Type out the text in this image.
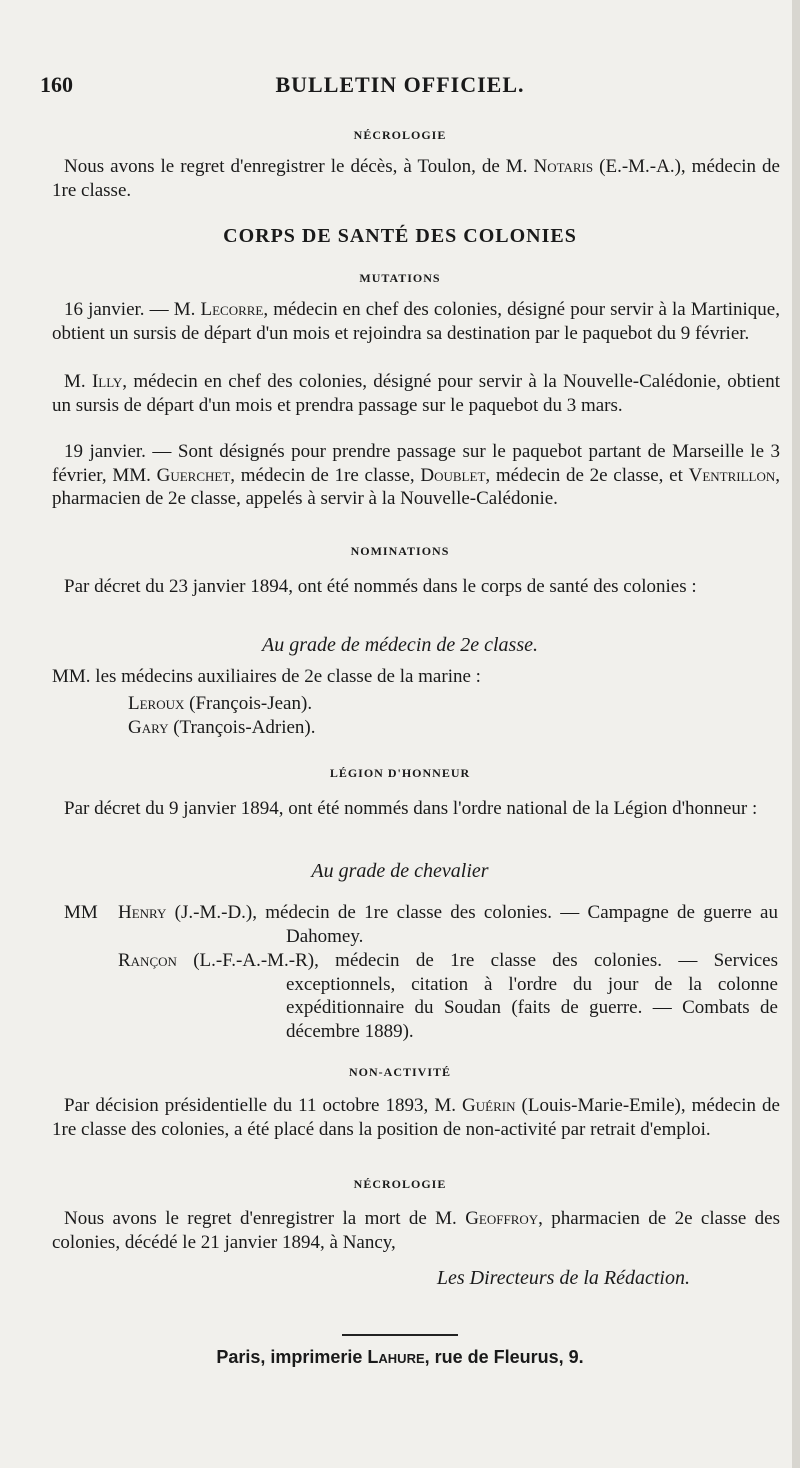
160	BULLETIN OFFICIEL.
NÉCROLOGIE
Nous avons le regret d'enregistrer le décès, à Toulon, de M. Notaris (E.-M.-A.), médecin de 1re classe.
CORPS DE SANTÉ DES COLONIES
MUTATIONS
16 janvier. — M. Lecorre, médecin en chef des colonies, désigné pour servir à la Martinique, obtient un sursis de départ d'un mois et rejoindra sa destination par le paquebot du 9 février.
M. Illy, médecin en chef des colonies, désigné pour servir à la Nouvelle-Calédonie, obtient un sursis de départ d'un mois et prendra passage sur le paquebot du 3 mars.
19 janvier. — Sont désignés pour prendre passage sur le paquebot partant de Marseille le 3 février, MM. Guerchet, médecin de 1re classe, Doublet, médecin de 2e classe, et Ventrillon, pharmacien de 2e classe, appelés à servir à la Nouvelle-Calédonie.
NOMINATIONS
Par décret du 23 janvier 1894, ont été nommés dans le corps de santé des colonies :
Au grade de médecin de 2e classe.
MM. les médecins auxiliaires de 2e classe de la marine :
Leroux (François-Jean).
Gary (Trançois-Adrien).
LÉGION D'HONNEUR
Par décret du 9 janvier 1894, ont été nommés dans l'ordre national de la Légion d'honneur :
Au grade de chevalier
MM Henry (J.-M.-D.), médecin de 1re classe des colonies. — Campagne de guerre au Dahomey.
Rançon (L.-F.-A.-M.-R), médecin de 1re classe des colonies. — Services exceptionnels, citation à l'ordre du jour de la colonne expéditionnaire du Soudan (faits de guerre. — Combats de décembre 1889).
NON-ACTIVITÉ
Par décision présidentielle du 11 octobre 1893, M. Guérin (Louis-Marie-Emile), médecin de 1re classe des colonies, a été placé dans la position de non-activité par retrait d'emploi.
NÉCROLOGIE
Nous avons le regret d'enregistrer la mort de M. Geoffroy, pharmacien de 2e classe des colonies, décédé le 21 janvier 1894, à Nancy,
Les Directeurs de la Rédaction.
Paris, imprimerie Lahure, rue de Fleurus, 9.
